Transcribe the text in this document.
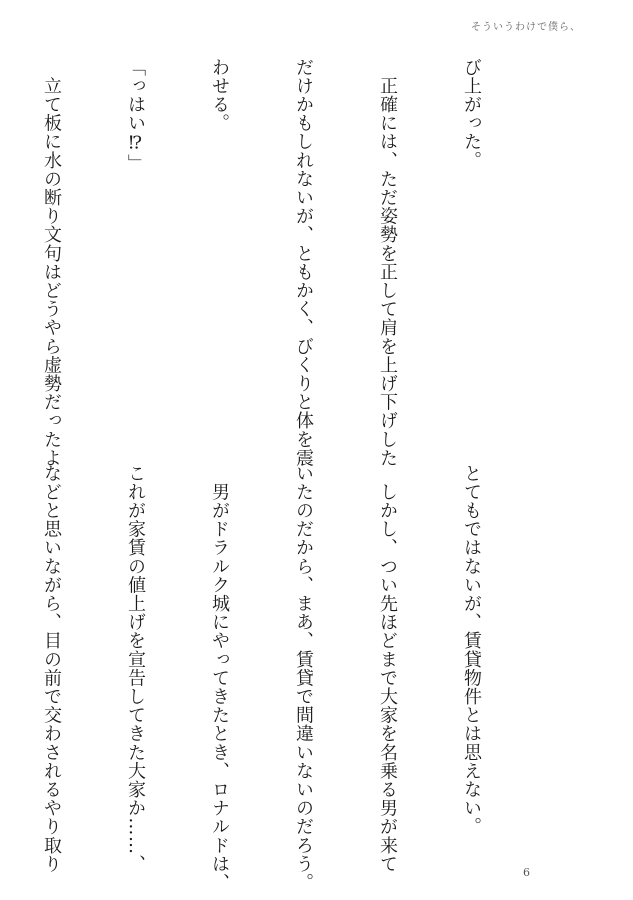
そういうわけで僕ら、

び上がった。

　正確には、ただ姿勢を正して肩を上げ下げした

だけかもしれないが、ともかく、びくりと体を震

わせる。

「っはい⁉」

　立て板に水の断り文句はどうやら虚勢だったよ

とてもではないが、賃貸物件とは思えない。

　しかし、つい先ほどまで大家を名乗る男が来て

いたのだから、まあ、賃貸で間違いないのだろう。

　男がドラルク城にやってきたとき、ロナルドは、

これが家賃の値上げを宣告してきた大家か……、

などと思いながら、目の前で交わされるやり取り

	6
